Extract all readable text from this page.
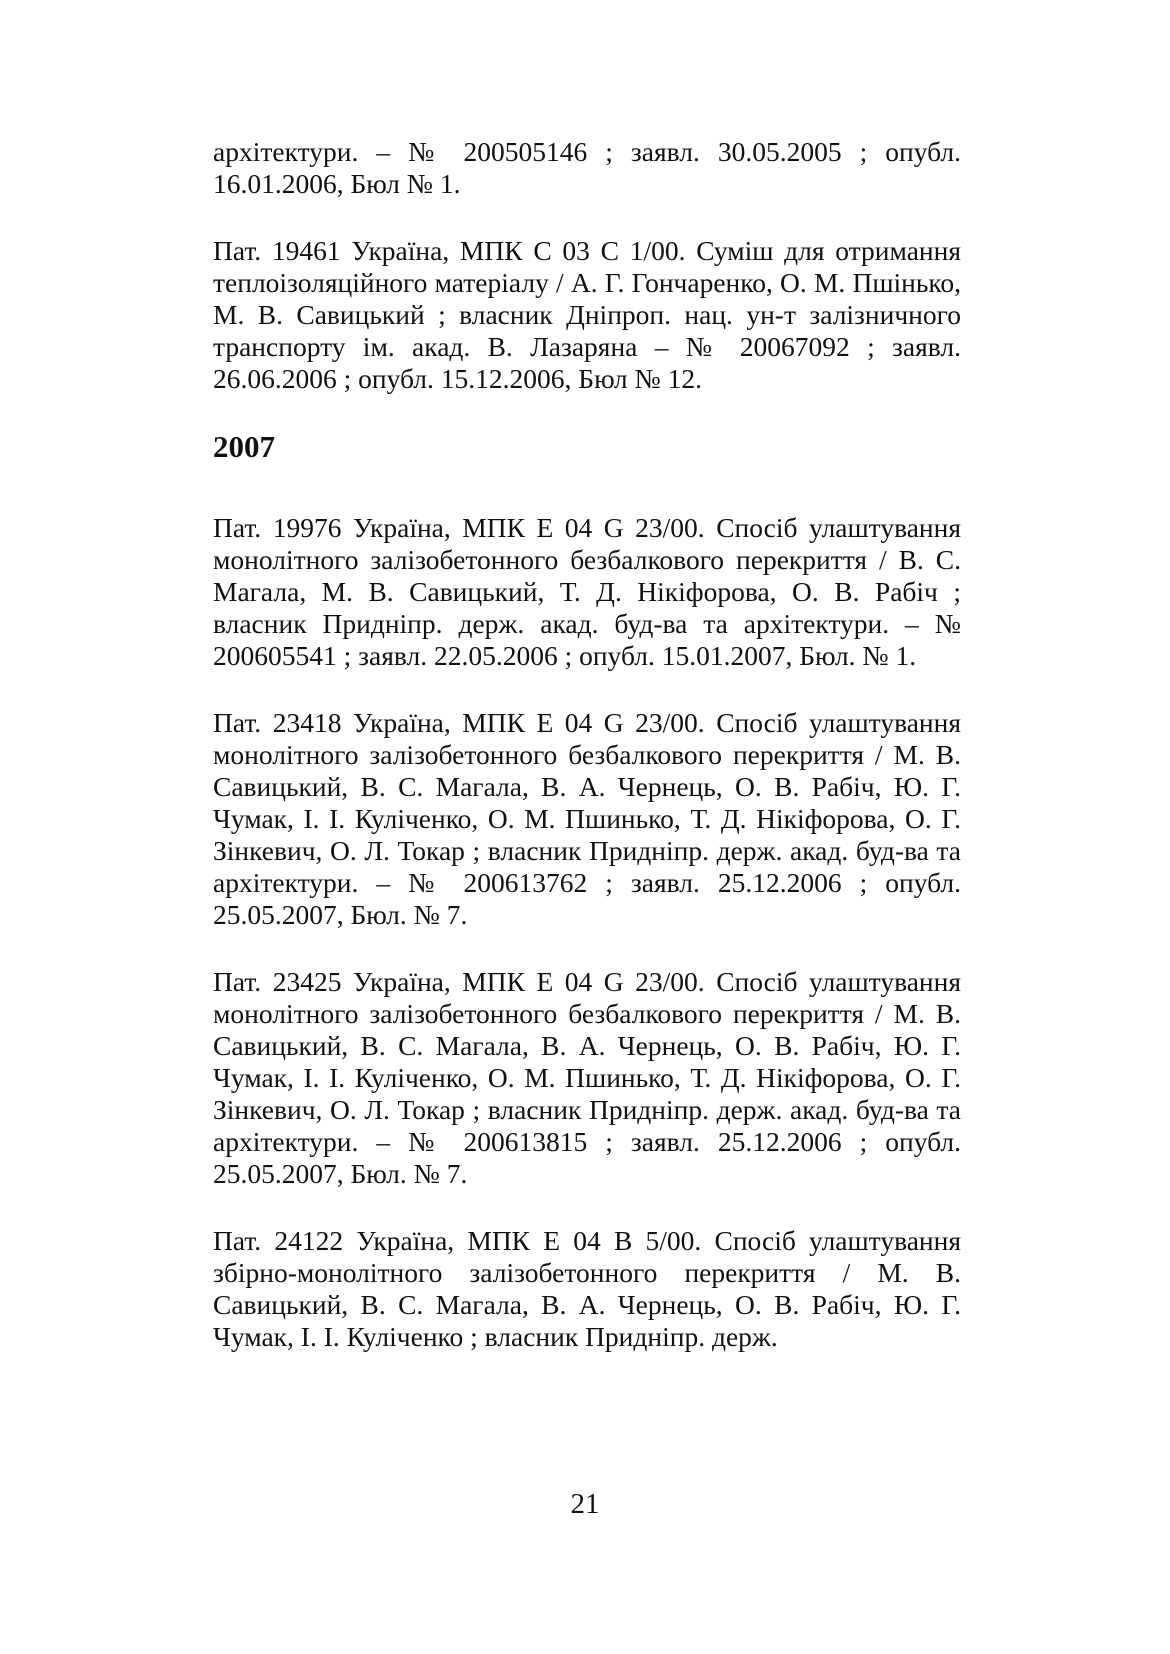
архітектури. – № 200505146 ; заявл. 30.05.2005 ; опубл. 16.01.2006, Бюл № 1.

Пат. 19461 Україна, МПК С 03 С 1/00. Суміш для отримання теплоізоляційного матеріалу / А. Г. Гончаренко, О. М. Пшінько, М. В. Савицький ; власник Дніпроп. нац. ун-т залізничного транспорту ім. акад. В. Лазаряна – № 20067092 ; заявл. 26.06.2006 ; опубл. 15.12.2006, Бюл № 12.

2007

Пат. 19976 Україна, МПК Е 04 G 23/00. Спосіб улаштування монолітного залізобетонного безбалкового перекриття / В. С. Магала, М. В. Савицький, Т. Д. Нікіфорова, О. В. Рабіч ; власник Придніпр. держ. акад. буд-ва та архітектури. – № 200605541 ; заявл. 22.05.2006 ; опубл. 15.01.2007, Бюл. № 1.

Пат. 23418 Україна, МПК Е 04 G 23/00. Спосіб улаштування монолітного залізобетонного безбалкового перекриття / М. В. Савицький, В. С. Магала, В. А. Чернець, О. В. Рабіч, Ю. Г. Чумак, І. І. Куліченко, О. М. Пшинько, Т. Д. Нікіфорова, О. Г. Зінкевич, О. Л. Токар ; власник Придніпр. держ. акад. буд-ва та архітектури. – № 200613762 ; заявл. 25.12.2006 ; опубл. 25.05.2007, Бюл. № 7.

Пат. 23425 Україна, МПК Е 04 G 23/00. Спосіб улаштування монолітного залізобетонного безбалкового перекриття / М. В. Савицький, В. С. Магала, В. А. Чернець, О. В. Рабіч, Ю. Г. Чумак, І. І. Куліченко, О. М. Пшинько, Т. Д. Нікіфорова, О. Г. Зінкевич, О. Л. Токар ; власник Придніпр. держ. акад. буд-ва та архітектури. – № 200613815 ; заявл. 25.12.2006 ; опубл. 25.05.2007, Бюл. № 7.

Пат. 24122 Україна, МПК Е 04 В 5/00. Спосіб улаштування збірно-монолітного залізобетонного перекриття / М. В. Савицький, В. С. Магала, В. А. Чернець, О. В. Рабіч, Ю. Г. Чумак, І. І. Куліченко ; власник Придніпр. держ.

21
